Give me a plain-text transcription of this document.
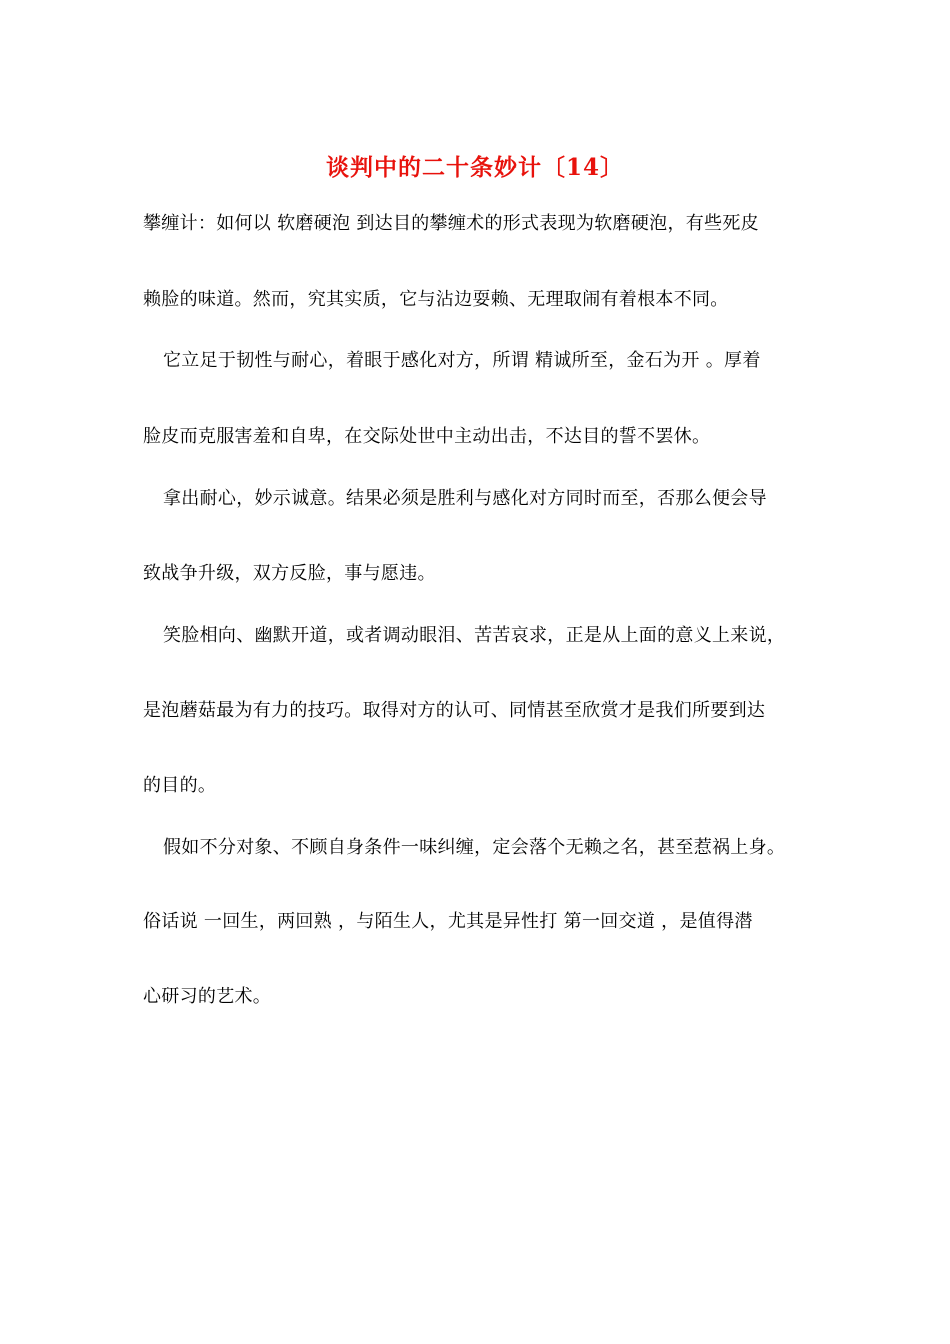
谈判中的二十条妙计〔14〕
攀缠计：如何以 软磨硬泡 到达目的攀缠术的形式表现为软磨硬泡，有些死皮
赖脸的味道。然而，究其实质，它与沾边耍赖、无理取闹有着根本不同。
它立足于韧性与耐心，着眼于感化对方，所谓 精诚所至，金石为开 。厚着
脸皮而克服害羞和自卑，在交际处世中主动出击，不达目的誓不罢休。
拿出耐心，妙示诚意。结果必须是胜利与感化对方同时而至，否那么便会导
致战争升级，双方反脸，事与愿违。
笑脸相向、幽默开道，或者调动眼泪、苦苦哀求，正是从上面的意义上来说，
是泡蘑菇最为有力的技巧。取得对方的认可、同情甚至欣赏才是我们所要到达
的目的。
假如不分对象、不顾自身条件一味纠缠，定会落个无赖之名，甚至惹祸上身。
俗话说 一回生，两回熟 ，与陌生人，尤其是异性打 第一回交道 ，是值得潜
心研习的艺术。
